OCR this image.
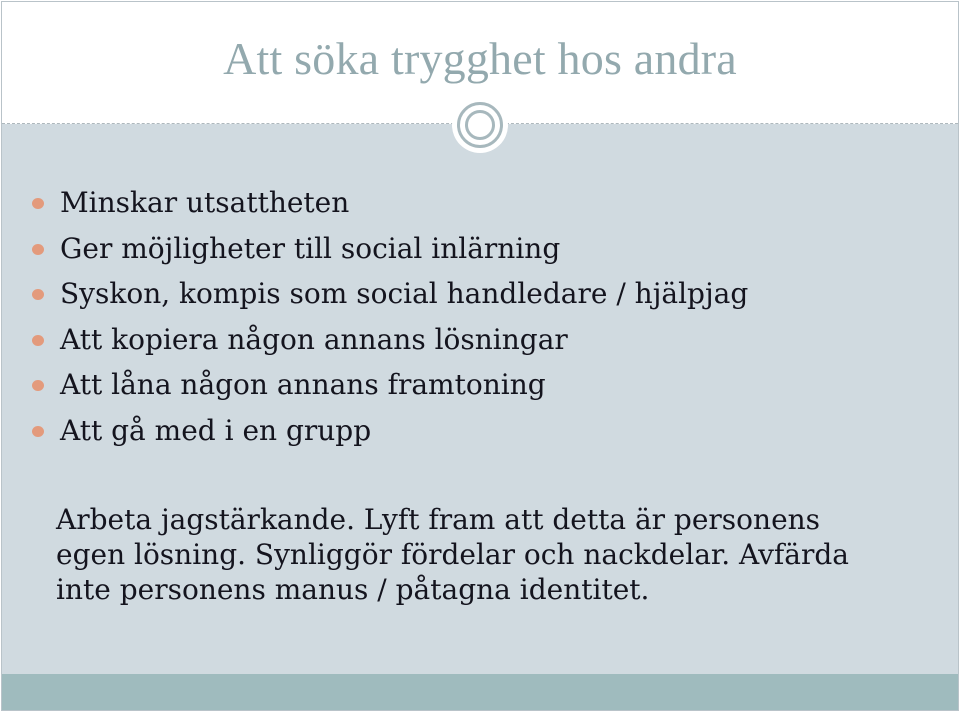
Att söka trygghet hos andra
Minskar utsattheten
Ger möjligheter till social inlärning
Syskon, kompis som social handledare / hjälpjag
Att kopiera någon annans lösningar
Att låna någon annans framtoning
Att gå med i en grupp
Arbeta jagstärkande. Lyft fram att detta är personens
egen lösning. Synliggör fördelar och nackdelar. Avfärda
inte personens manus / påtagna identitet.
